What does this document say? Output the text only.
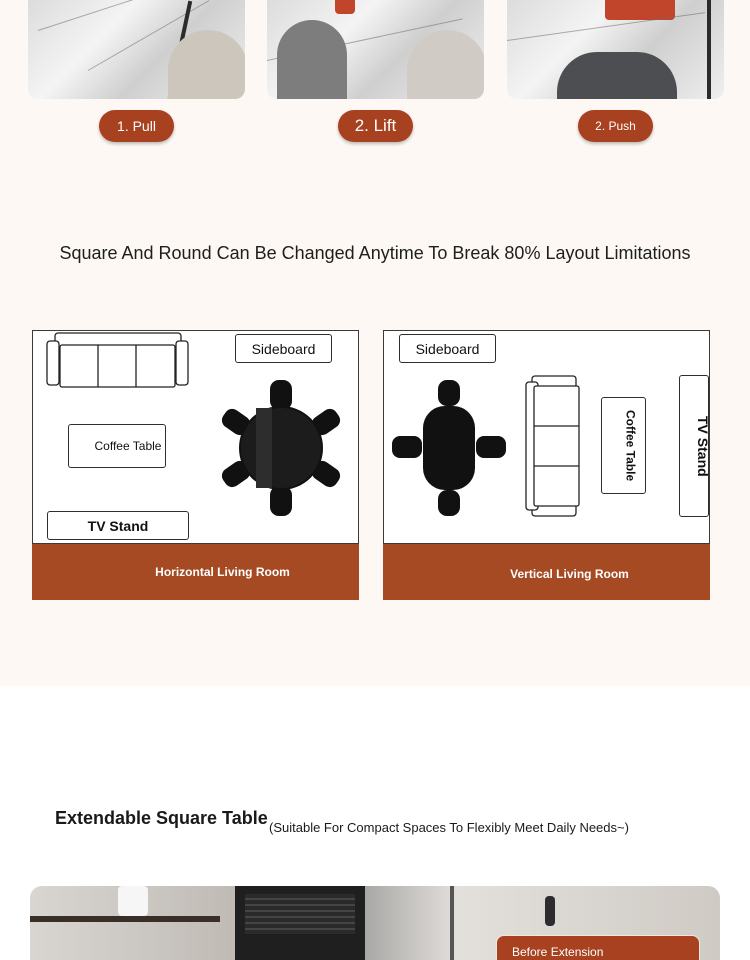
1. Pull	2. Lift	2. Push
Square And Round Can Be Changed Anytime To Break 80% Layout Limitations
Sideboard
Coffee Table
TV Stand
Horizontal Living Room
Sideboard
Coffee Table	TV Stand
Vertical Living Room
Extendable Square Table (Suitable For Compact Spaces To Flexibly Meet Daily Needs~)
Before Extension
